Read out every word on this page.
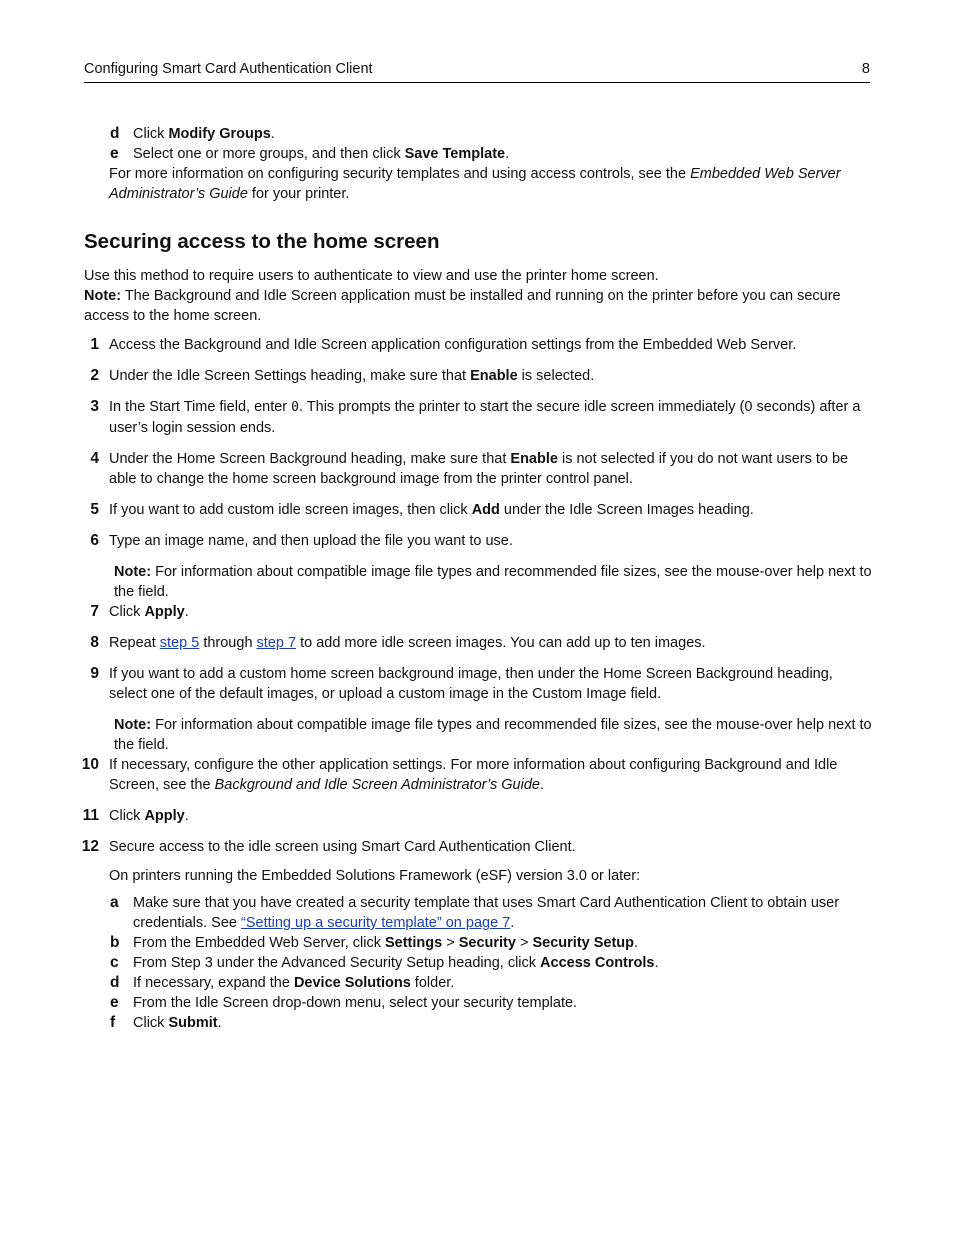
Configuring Smart Card Authentication Client	8

d Click Modify Groups.

e Select one or more groups, and then click Save Template.

For more information on configuring security templates and using access controls, see the Embedded Web Server Administrator’s Guide for your printer.

Securing access to the home screen

Use this method to require users to authenticate to view and use the printer home screen.

Note: The Background and Idle Screen application must be installed and running on the printer before you can secure access to the home screen.

1 Access the Background and Idle Screen application configuration settings from the Embedded Web Server.
2 Under the Idle Screen Settings heading, make sure that Enable is selected.
3 In the Start Time field, enter 0. This prompts the printer to start the secure idle screen immediately (0 seconds) after a user’s login session ends.
4 Under the Home Screen Background heading, make sure that Enable is not selected if you do not want users to be able to change the home screen background image from the printer control panel.
5 If you want to add custom idle screen images, then click Add under the Idle Screen Images heading.
6 Type an image name, and then upload the file you want to use.

Note: For information about compatible image file types and recommended file sizes, see the mouse-over help next to the field.

7 Click Apply.
8 Repeat step 5 through step 7 to add more idle screen images. You can add up to ten images.
9 If you want to add a custom home screen background image, then under the Home Screen Background heading, select one of the default images, or upload a custom image in the Custom Image field.

Note: For information about compatible image file types and recommended file sizes, see the mouse-over help next to the field.

10 If necessary, configure the other application settings. For more information about configuring Background and Idle Screen, see the Background and Idle Screen Administrator’s Guide.
11 Click Apply.
12 Secure access to the idle screen using Smart Card Authentication Client.

On printers running the Embedded Solutions Framework (eSF) version 3.0 or later:

a Make sure that you have created a security template that uses Smart Card Authentication Client to obtain user credentials. See “Setting up a security template” on page 7.

b From the Embedded Web Server, click Settings > Security > Security Setup.

c From Step 3 under the Advanced Security Setup heading, click Access Controls.

d If necessary, expand the Device Solutions folder.

e From the Idle Screen drop-down menu, select your security template.

f Click Submit.
